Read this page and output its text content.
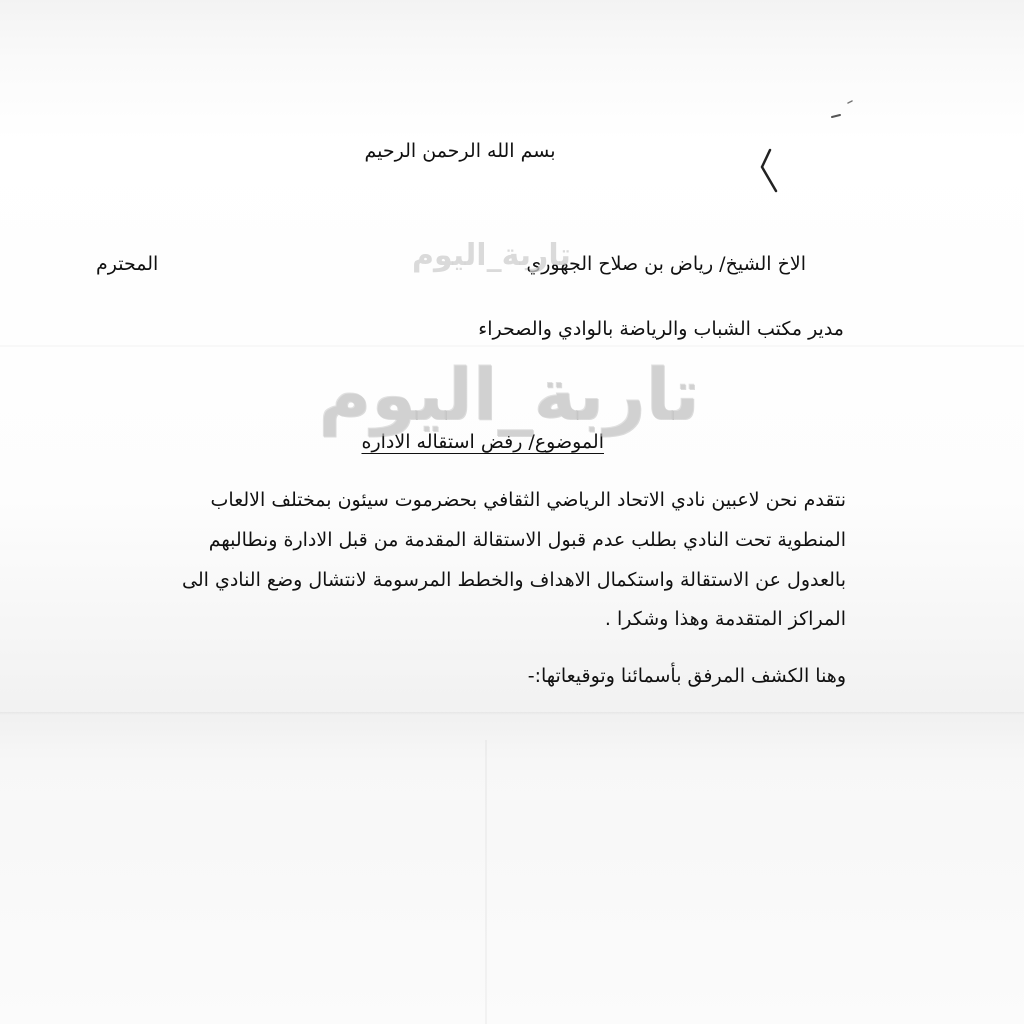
بسم الله الرحمن الرحيم
الاخ الشيخ/ رياض بن صلاح الجهوري
المحترم
مدير مكتب الشباب والرياضة بالوادي والصحراء
الموضوع/ رفض استقاله الاداره
نتقدم نحن لاعبين نادي الاتحاد الرياضي الثقافي بحضرموت سيئون بمختلف الالعاب
المنطوية تحت النادي بطلب عدم قبول الاستقالة المقدمة من قبل الادارة ونطالبهم
بالعدول عن الاستقالة واستكمال الاهداف والخطط المرسومة لانتشال وضع النادي الى
المراكز المتقدمة وهذا وشكرا .
وهنا الكشف المرفق بأسمائنا وتوقيعاتها:-
تاربة_اليوم
تاربة_اليوم
